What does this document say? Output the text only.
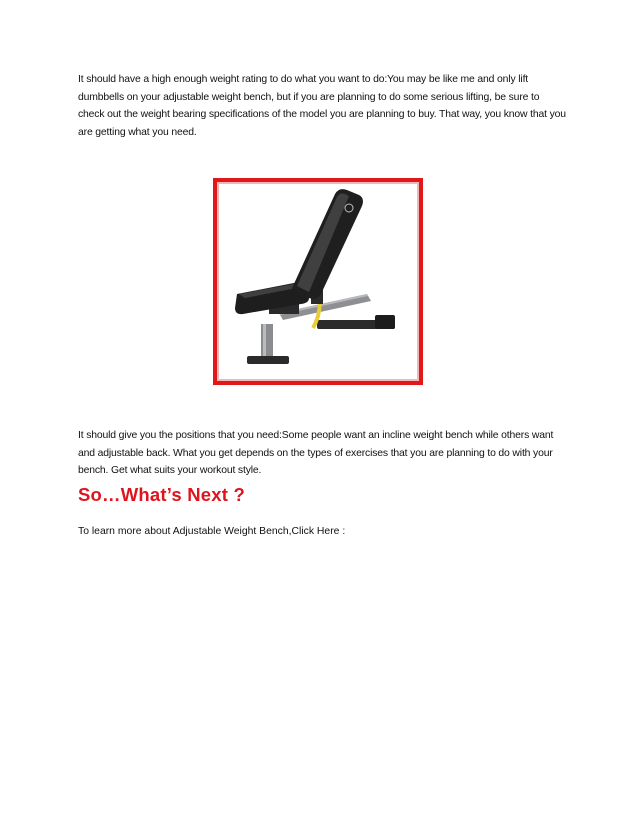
It should have a high enough weight rating to do what you want to do:You may be like me and only lift dumbbells on your adjustable weight bench, but if you are planning to do some serious lifting, be sure to check out the weight bearing specifications of the model you are planning to buy. That way, you know that you are getting what you need.

It should give you the positions that you need:Some people want an incline weight bench while others want and adjustable back. What you get depends on the types of exercises that you are planning to do with your bench. Get what suits your workout style.

So…What’s Next ?

To learn more about Adjustable Weight Bench,Click Here :
